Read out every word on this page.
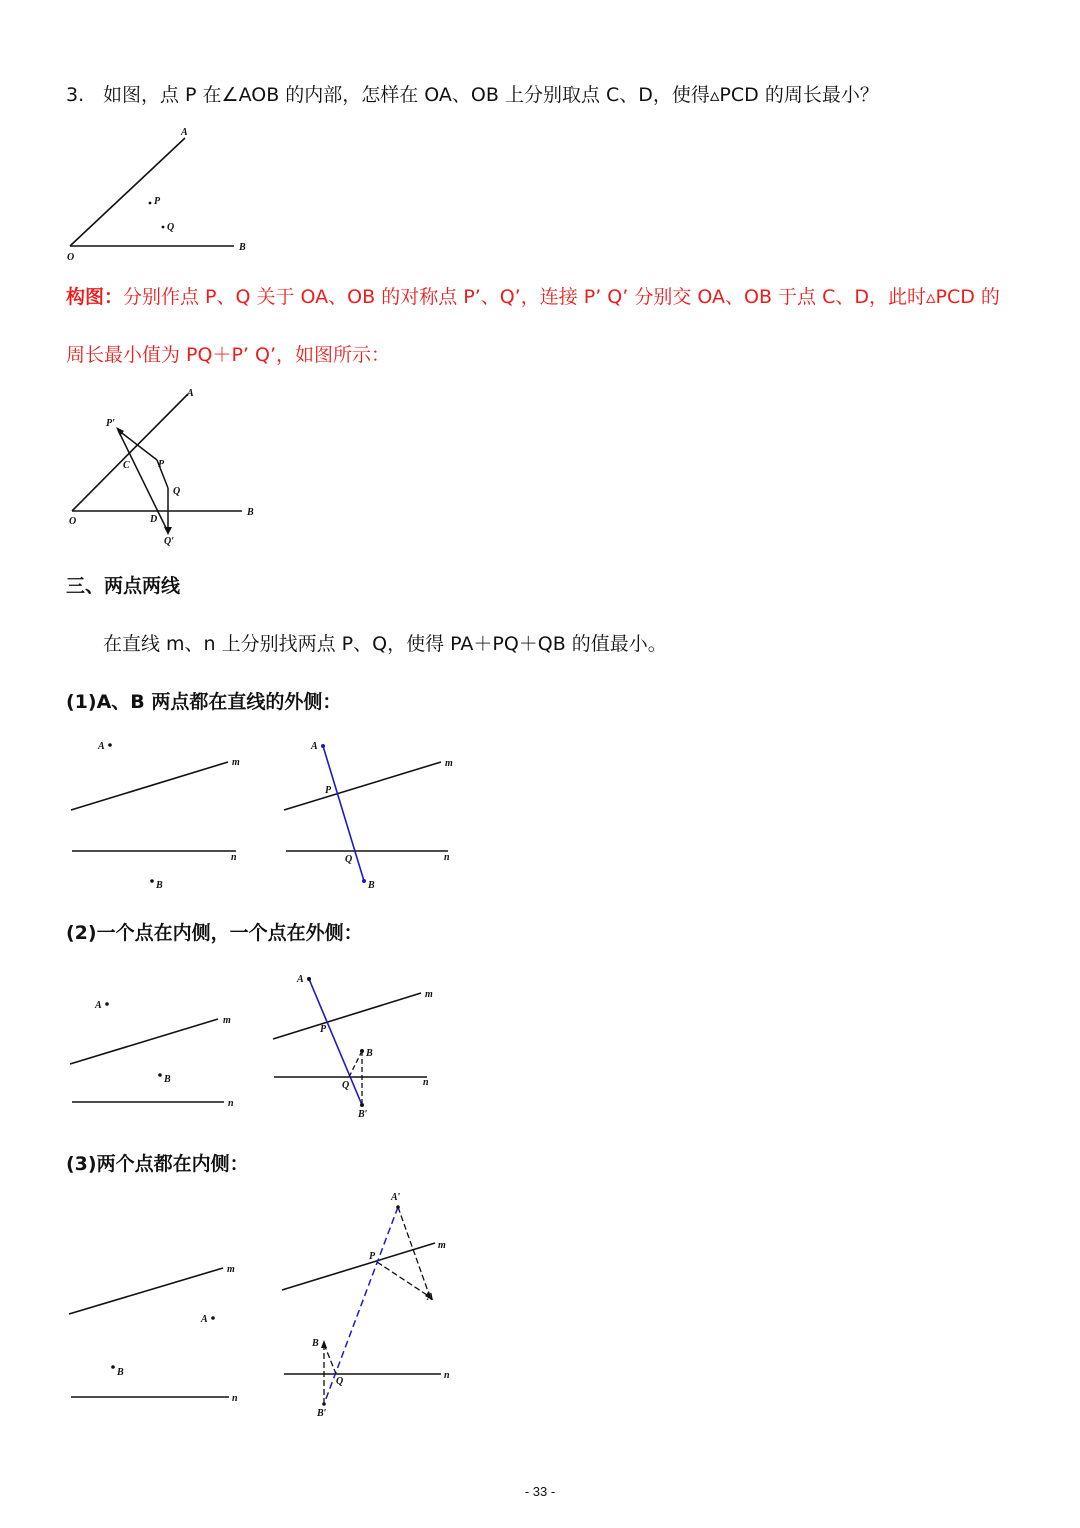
3. 如图，点 P 在∠AOB 的内部，怎样在 OA、OB 上分别取点 C、D，使得▵PCD 的周长最小？
A
P
Q
B
O
构图：分别作点 P、Q 关于 OA、OB 的对称点 P’、Q’，连接 P’ Q’ 分别交 OA、OB 于点 C、D，此时▵PCD 的
周长最小值为 PQ＋P’ Q’，如图所示：
A
P′
C	P
Q
B
O	D
Q′
三、两点两线
在直线 m、n 上分别找两点 P、Q，使得 PA＋PQ＋QB 的值最小。
(1)A、B 两点都在直线的外侧：
A
m
n
B
A
m
P
Q	n
B
(2)一个点在内侧，一个点在外侧：
A
m
B
n
A
m
P
B
Q	n
B′
(3)两个点都在内侧：
m
A
B
n
A′
m
P
A
B
Q
n
B′
- 33 -
